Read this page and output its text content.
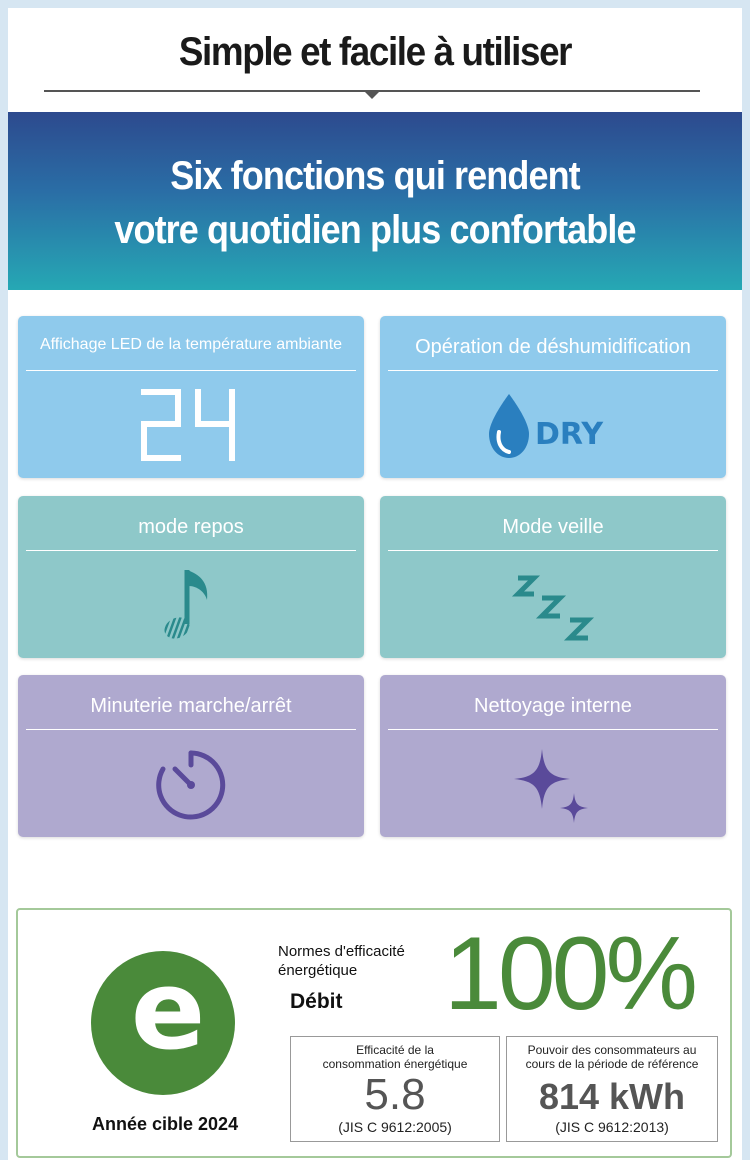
Simple et facile à utiliser
Six fonctions qui rendent
votre quotidien plus confortable
Affichage LED de la température ambiante	Opération de déshumidification
DRY
mode repos	Mode veille
Minuterie marche/arrêt	Nettoyage interne
e
Année cible 2024
Normes d'efficacité
énergétique
Débit 100%
Efficacité de la
consommation énergétique
5.8
(JIS C 9612:2005)
Pouvoir des consommateurs au
cours de la période de référence
814 kWh
(JIS C 9612:2013)
